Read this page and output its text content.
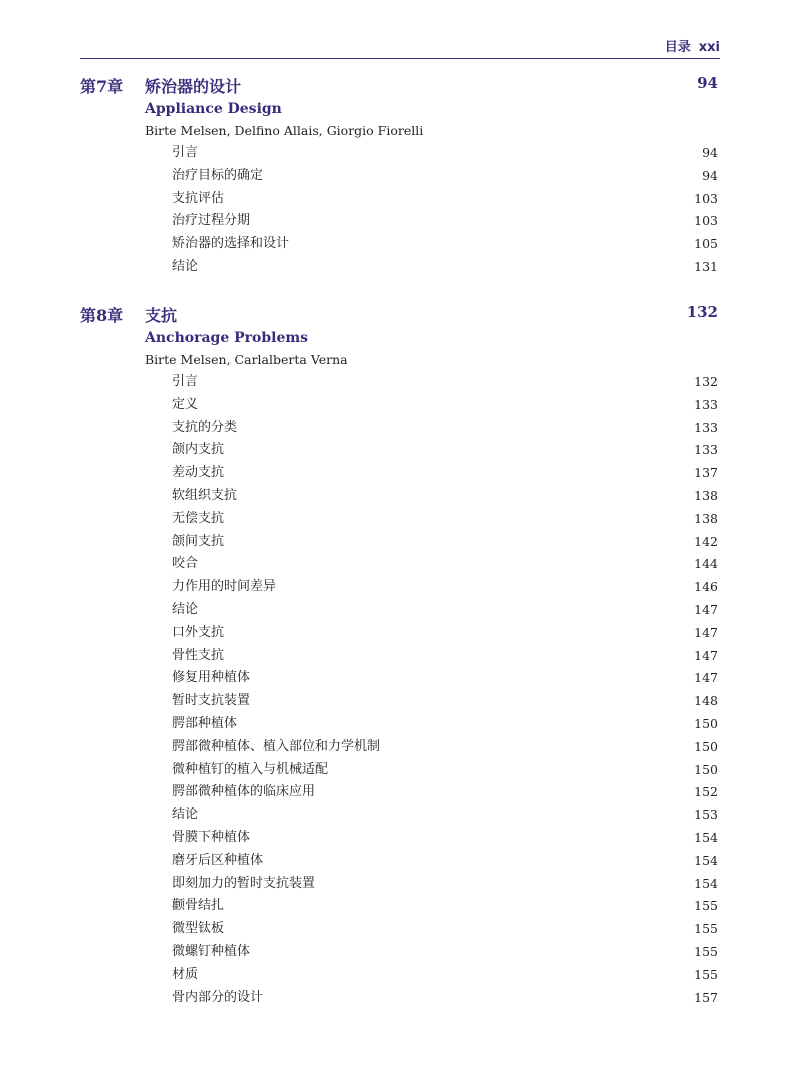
目录 xxi
第7章 矫治器的设计	94
Appliance Design
Birte Melsen, Delfino Allais, Giorgio Fiorelli
引言	94
治疗目标的确定	94
支抗评估	103
治疗过程分期	103
矫治器的选择和设计	105
结论	131
第8章 支抗	132
Anchorage Problems
Birte Melsen, Carlalberta Verna
引言	132
定义	133
支抗的分类	133
颌内支抗	133
差动支抗	137
软组织支抗	138
无偿支抗	138
颌间支抗	142
咬合	144
力作用的时间差异	146
结论	147
口外支抗	147
骨性支抗	147
修复用种植体	147
暂时支抗装置	148
腭部种植体	150
腭部微种植体、植入部位和力学机制	150
微种植钉的植入与机械适配	150
腭部微种植体的临床应用	152
结论	153
骨膜下种植体	154
磨牙后区种植体	154
即刻加力的暂时支抗装置	154
颧骨结扎	155
微型钛板	155
微螺钉种植体	155
材质	155
骨内部分的设计	157
